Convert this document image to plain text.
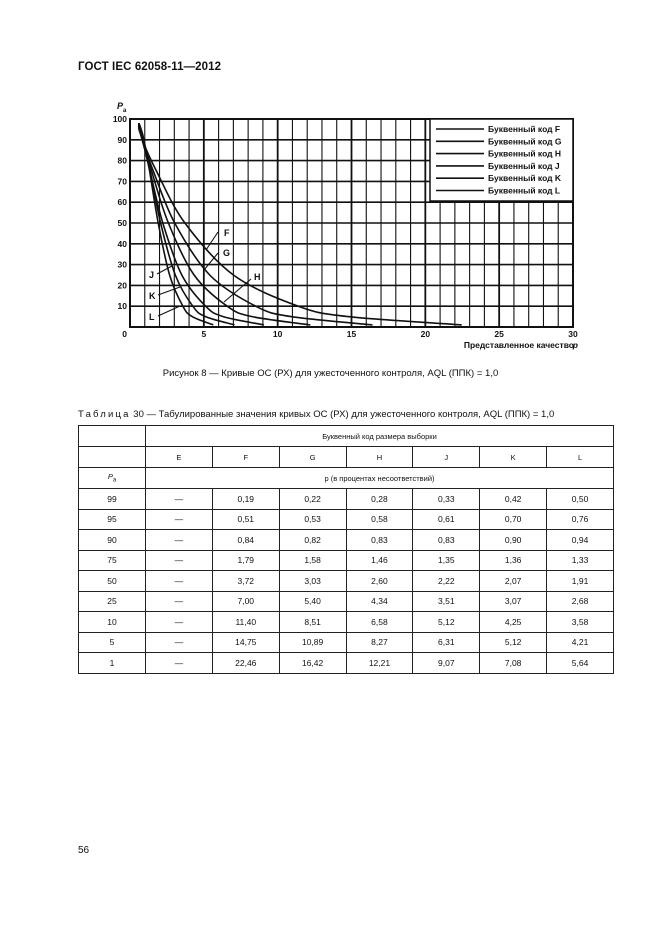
ГОСТ IEC 62058-11—2012
Буквенный код F
Буквенный код G
Буквенный код H
Буквенный код J
Буквенный код K
Буквенный код L
F
G
H
J
K
L
10
20
30
40
50
60
70
80
90
100
0	5	10	15	20	25	30
P a
Представленное качество
p
Рисунок 8 — Кривые ОС (РХ) для ужесточенного контроля, AQL (ППК) = 1,0
Таблица 30 — Табулированные значения кривых ОС (РХ) для ужесточенного контроля, AQL (ППК) = 1,0
	Буквенный код размера выборки						
	E	F	G	H	J	K	L
$P_a$	p (в процентах несоответствий)						
99	—	0,19	0,22	0,28	0,33	0,42	0,50
95	—	0,51	0,53	0,58	0,61	0,70	0,76
90	—	0,84	0,82	0,83	0,83	0,90	0,94
75	—	1,79	1,58	1,46	1,35	1,36	1,33
50	—	3,72	3,03	2,60	2,22	2,07	1,91
25	—	7,00	5,40	4,34	3,51	3,07	2,68
10	—	11,40	8,51	6,58	5,12	4,25	3,58
5	—	14,75	10,89	8,27	6,31	5,12	4,21
1	—	22,46	16,42	12,21	9,07	7,08	5,64
56
